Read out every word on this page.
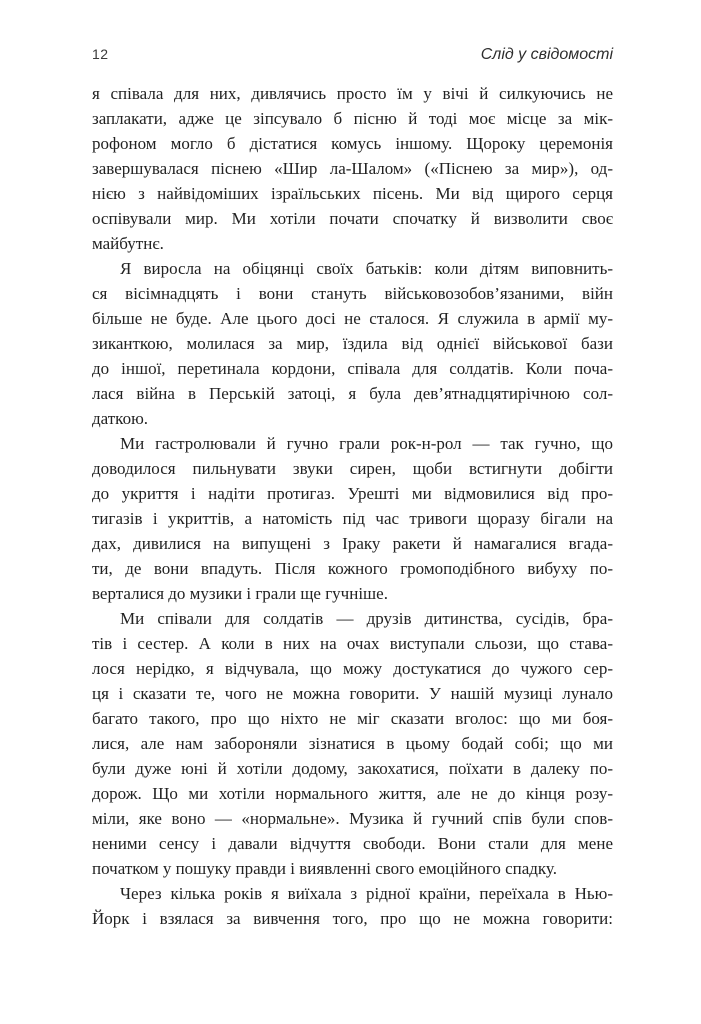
12	Слід у свідомості
я співала для них, дивлячись просто їм у вічі й силкуючись не
заплакати, адже це зіпсувало б пісню й тоді моє місце за мік-
рофоном могло б дістатися комусь іншому. Щороку церемонія
завершувалася піснею «Шир ла-Шалом» («Піснею за мир»), од-
нією з найвідоміших ізраїльських пісень. Ми від щирого серця
оспівували мир. Ми хотіли почати спочатку й визволити своє
майбутнє.
Я виросла на обіцянці своїх батьків: коли дітям виповнить-
ся вісімнадцять і вони стануть військовозобов’язаними, війн
більше не буде. Але цього досі не сталося. Я служила в армії му-
зиканткою, молилася за мир, їздила від однієї військової бази
до іншої, перетинала кордони, співала для солдатів. Коли поча-
лася війна в Перській затоці, я була дев’ятнадцятирічною сол-
даткою.
Ми гастролювали й гучно грали рок-н-рол — так гучно, що
доводилося пильнувати звуки сирен, щоби встигнути добігти
до укриття і надіти протигаз. Урешті ми відмовилися від про-
тигазів і укриттів, а натомість під час тривоги щоразу бігали на
дах, дивилися на випущені з Іраку ракети й намагалися вгада-
ти, де вони впадуть. Після кожного громоподібного вибуху по-
верталися до музики і грали ще гучніше.
Ми співали для солдатів — друзів дитинства, сусідів, бра-
тів і сестер. А коли в них на очах виступали сльози, що става-
лося нерідко, я відчувала, що можу достукатися до чужого сер-
ця і сказати те, чого не можна говорити. У нашій музиці лунало
багато такого, про що ніхто не міг сказати вголос: що ми боя-
лися, але нам забороняли зізнатися в цьому бодай собі; що ми
були дуже юні й хотіли додому, закохатися, поїхати в далеку по-
дорож. Що ми хотіли нормального життя, але не до кінця розу-
міли, яке воно — «нормальне». Музика й гучний спів були спов-
неними сенсу і давали відчуття свободи. Вони стали для мене
початком у пошуку правди і виявленні свого емоційного спадку.
Через кілька років я виїхала з рідної країни, переїхала в Нью-
Йорк і взялася за вивчення того, про що не можна говорити:
